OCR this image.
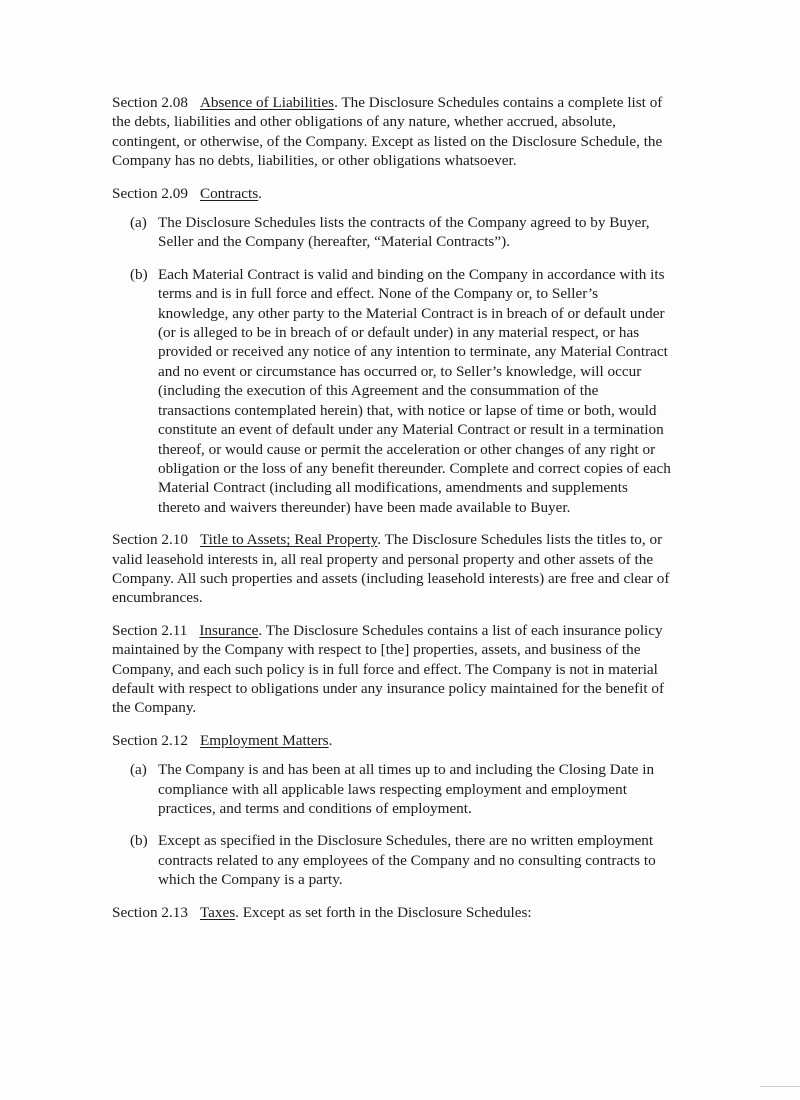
Section 2.08 Absence of Liabilities. The Disclosure Schedules contains a complete list of the debts, liabilities and other obligations of any nature, whether accrued, absolute, contingent, or otherwise, of the Company. Except as listed on the Disclosure Schedule, the Company has no debts, liabilities, or other obligations whatsoever.

Section 2.09 Contracts.

(a) The Disclosure Schedules lists the contracts of the Company agreed to by Buyer, Seller and the Company (hereafter, “Material Contracts”).
(b) Each Material Contract is valid and binding on the Company in accordance with its terms and is in full force and effect. None of the Company or, to Seller’s knowledge, any other party to the Material Contract is in breach of or default under (or is alleged to be in breach of or default under) in any material respect, or has provided or received any notice of any intention to terminate, any Material Contract and no event or circumstance has occurred or, to Seller’s knowledge, will occur (including the execution of this Agreement and the consummation of the transactions contemplated herein) that, with notice or lapse of time or both, would constitute an event of default under any Material Contract or result in a termination thereof, or would cause or permit the acceleration or other changes of any right or obligation or the loss of any benefit thereunder. Complete and correct copies of each Material Contract (including all modifications, amendments and supplements thereto and waivers thereunder) have been made available to Buyer.

Section 2.10 Title to Assets; Real Property. The Disclosure Schedules lists the titles to, or valid leasehold interests in, all real property and personal property and other assets of the Company. All such properties and assets (including leasehold interests) are free and clear of encumbrances.

Section 2.11 Insurance. The Disclosure Schedules contains a list of each insurance policy maintained by the Company with respect to [the] properties, assets, and business of the Company, and each such policy is in full force and effect. The Company is not in material default with respect to obligations under any insurance policy maintained for the benefit of the Company.

Section 2.12 Employment Matters.

(a) The Company is and has been at all times up to and including the Closing Date in compliance with all applicable laws respecting employment and employment practices, and terms and conditions of employment.
(b) Except as specified in the Disclosure Schedules, there are no written employment contracts related to any employees of the Company and no consulting contracts to which the Company is a party.

Section 2.13 Taxes. Except as set forth in the Disclosure Schedules:
